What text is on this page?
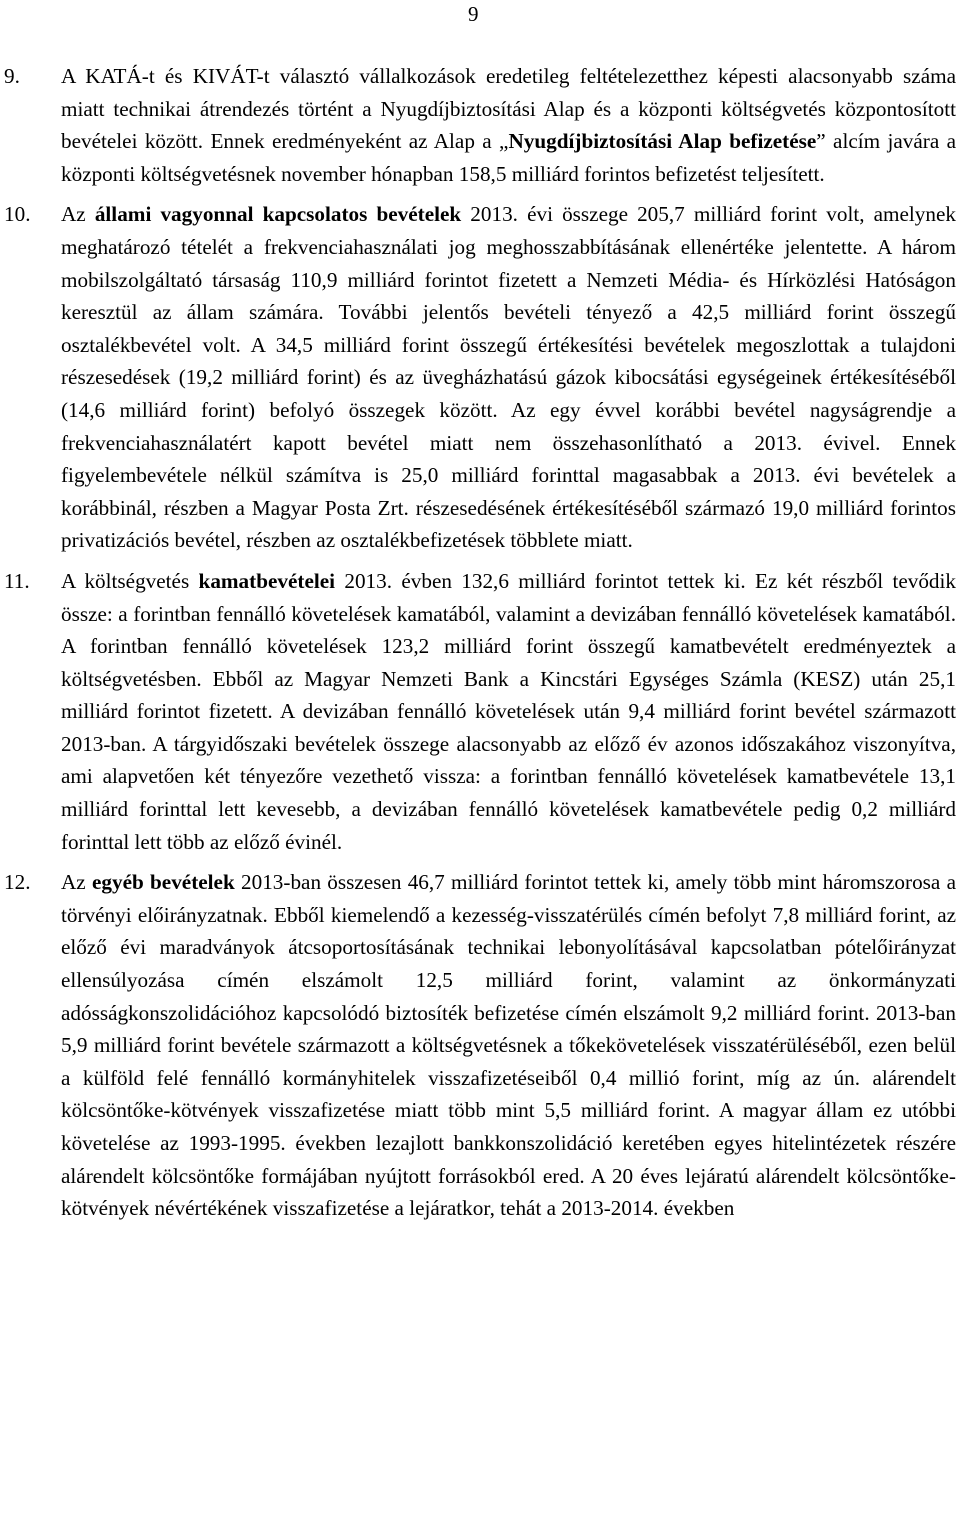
9

9. A KATÁ-t és KIVÁT-t választó vállalkozások eredetileg feltételezetthez képesti alacsonyabb száma miatt technikai átrendezés történt a Nyugdíjbiztosítási Alap és a központi költségvetés központosított bevételei között. Ennek eredményeként az Alap a „Nyugdíjbiztosítási Alap befizetése” alcím javára a központi költségvetésnek november hónapban 158,5 milliárd forintos befizetést teljesített.

10. Az állami vagyonnal kapcsolatos bevételek 2013. évi összege 205,7 milliárd forint volt, amelynek meghatározó tételét a frekvenciahasználati jog meghosszabbításának ellenértéke jelentette. A három mobilszolgáltató társaság 110,9 milliárd forintot fizetett a Nemzeti Média- és Hírközlési Hatóságon keresztül az állam számára. További jelentős bevételi tényező a 42,5 milliárd forint összegű osztalékbevétel volt. A 34,5 milliárd forint összegű értékesítési bevételek megoszlottak a tulajdoni részesedések (19,2 milliárd forint) és az üvegházhatású gázok kibocsátási egységeinek értékesítéséből (14,6 milliárd forint) befolyó összegek között. Az egy évvel korábbi bevétel nagyságrendje a frekvenciahasználatért kapott bevétel miatt nem összehasonlítható a 2013. évivel. Ennek figyelembevétele nélkül számítva is 25,0 milliárd forinttal magasabbak a 2013. évi bevételek a korábbinál, részben a Magyar Posta Zrt. részesedésének értékesítéséből származó 19,0 milliárd forintos privatizációs bevétel, részben az osztalékbefizetések többlete miatt.

11. A költségvetés kamatbevételei 2013. évben 132,6 milliárd forintot tettek ki. Ez két részből tevődik össze: a forintban fennálló követelések kamatából, valamint a devizában fennálló követelések kamatából. A forintban fennálló követelések 123,2 milliárd forint összegű kamatbevételt eredményeztek a költségvetésben. Ebből az Magyar Nemzeti Bank a Kincstári Egységes Számla (KESZ) után 25,1 milliárd forintot fizetett. A devizában fennálló követelések után 9,4 milliárd forint bevétel származott 2013-ban. A tárgyidőszaki bevételek összege alacsonyabb az előző év azonos időszakához viszonyítva, ami alapvetően két tényezőre vezethető vissza: a forintban fennálló követelések kamatbevétele 13,1 milliárd forinttal lett kevesebb, a devizában fennálló követelések kamatbevétele pedig 0,2 milliárd forinttal lett több az előző évinél.

12. Az egyéb bevételek 2013-ban összesen 46,7 milliárd forintot tettek ki, amely több mint háromszorosa a törvényi előirányzatnak. Ebből kiemelendő a kezesség-visszatérülés címén befolyt 7,8 milliárd forint, az előző évi maradványok átcsoportosításának technikai lebonyolításával kapcsolatban pótelőirányzat ellensúlyozása címén elszámolt 12,5 milliárd forint, valamint az önkormányzati adósságkonszolidációhoz kapcsolódó biztosíték befizetése címén elszámolt 9,2 milliárd forint. 2013-ban 5,9 milliárd forint bevétele származott a költségvetésnek a tőkekövetelések visszatérüléséből, ezen belül a külföld felé fennálló kormányhitelek visszafizetéseiből 0,4 millió forint, míg az ún. alárendelt kölcsöntőke-kötvények visszafizetése miatt több mint 5,5 milliárd forint. A magyar állam ez utóbbi követelése az 1993-1995. években lezajlott bankkonszolidáció keretében egyes hitelintézetek részére alárendelt kölcsöntőke formájában nyújtott forrásokból ered. A 20 éves lejáratú alárendelt kölcsöntőke-kötvények névértékének visszafizetése a lejáratkor, tehát a 2013-2014. években
